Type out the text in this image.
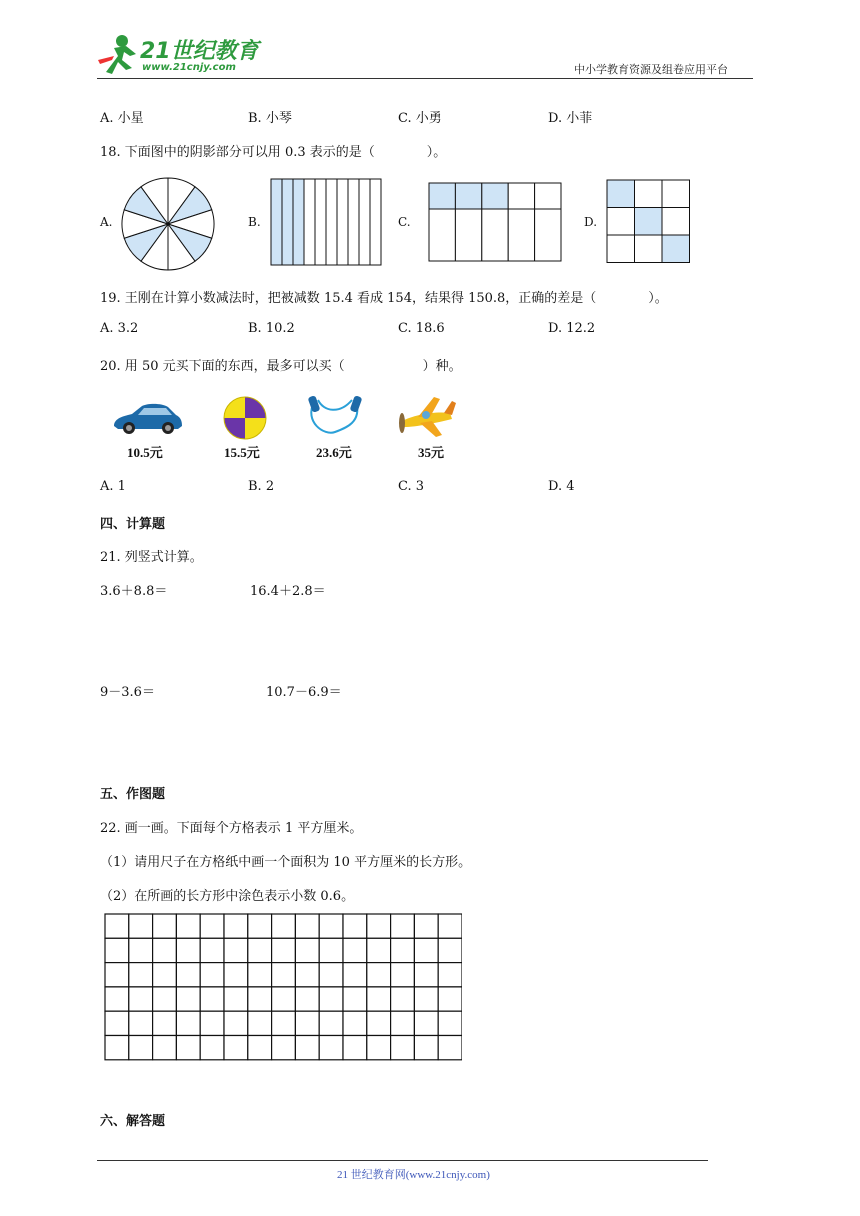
21世纪教育
www.21cnjy.com	中小学教育资源及组卷应用平台
A. 小星	B. 小琴	C. 小勇	D. 小菲
18. 下面图中的阴影部分可以用 0.3 表示的是（　　　　）。
A.	B.	C.	D.
19. 王刚在计算小数减法时，把被减数 15.4 看成 154，结果得 150.8，正确的差是（　　　　）。
A. 3.2	B. 10.2	C. 18.6	D. 12.2
20. 用 50 元买下面的东西，最多可以买（　　　　　　）种。
10.5元	15.5元	23.6元	35元
A. 1	B. 2	C. 3	D. 4
四、计算题
21. 列竖式计算。
3.6＋8.8＝	16.4＋2.8＝
9－3.6＝	10.7－6.9＝
五、作图题
22. 画一画。下面每个方格表示 1 平方厘米。
（1）请用尺子在方格纸中画一个面积为 10 平方厘米的长方形。
（2）在所画的长方形中涂色表示小数 0.6。
六、解答题
21 世纪教育网(www.21cnjy.com)
